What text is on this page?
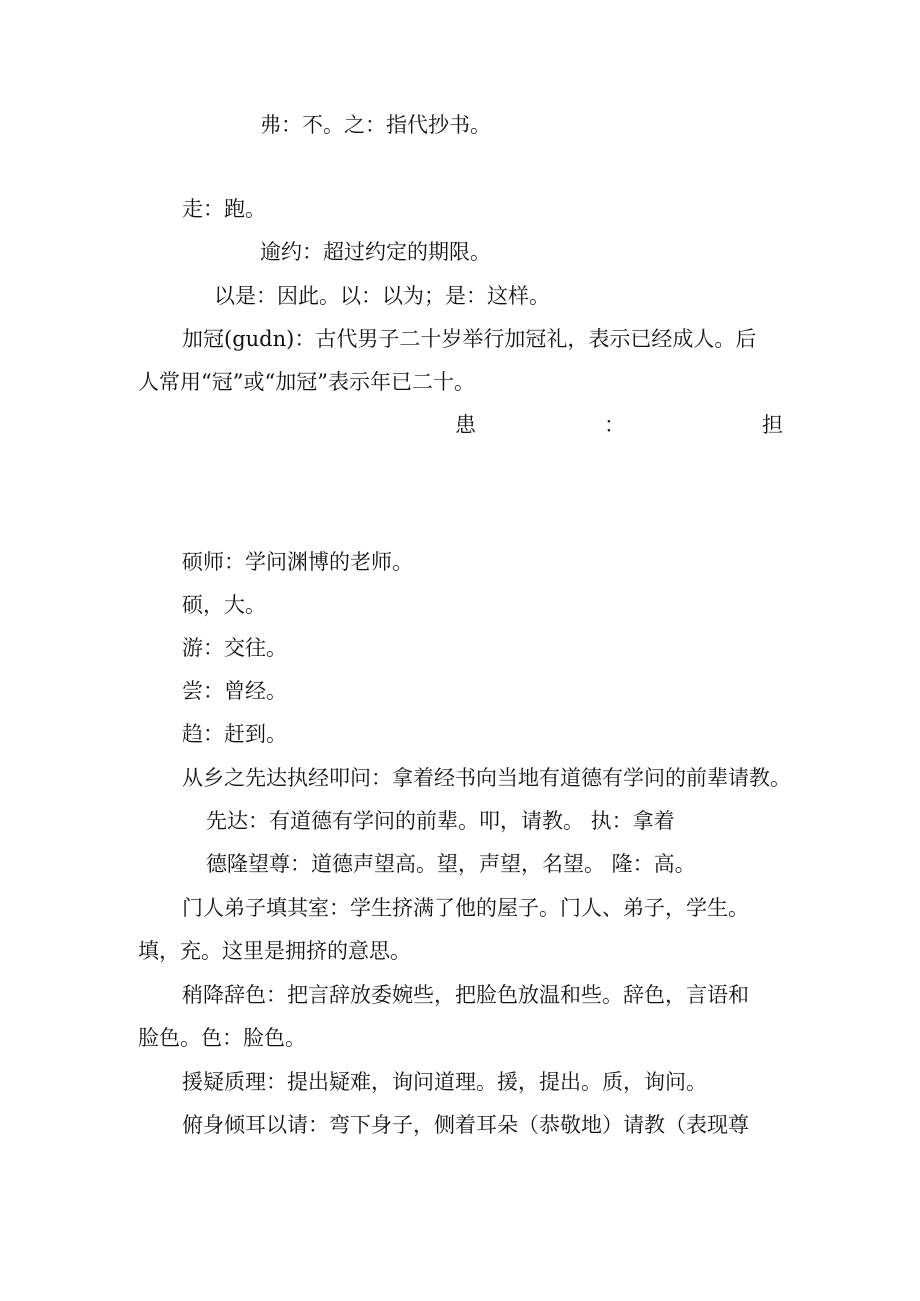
弗：不。之：指代抄书。

走：跑。

逾约：超过约定的期限。

以是：因此。以：以为；是：这样。

加冠(gudn)：古代男子二十岁举行加冠礼，表示已经成人。后

人常用“冠”或“加冠”表示年已二十。

患	：	担

硕师：学问渊博的老师。

硕，大。

游：交往。

尝：曾经。

趋：赶到。

从乡之先达执经叩问：拿着经书向当地有道德有学问的前辈请教。

先达：有道德有学问的前辈。叩，请教。 执：拿着

德隆望尊：道德声望高。望，声望，名望。 隆：高。

门人弟子填其室：学生挤满了他的屋子。门人、弟子，学生。

填，充。这里是拥挤的意思。

稍降辞色：把言辞放委婉些，把脸色放温和些。辞色，言语和

脸色。色：脸色。

援疑质理：提出疑难，询问道理。援，提出。质，询问。

俯身倾耳以请：弯下身子，侧着耳朵（恭敬地）请教（表现尊
